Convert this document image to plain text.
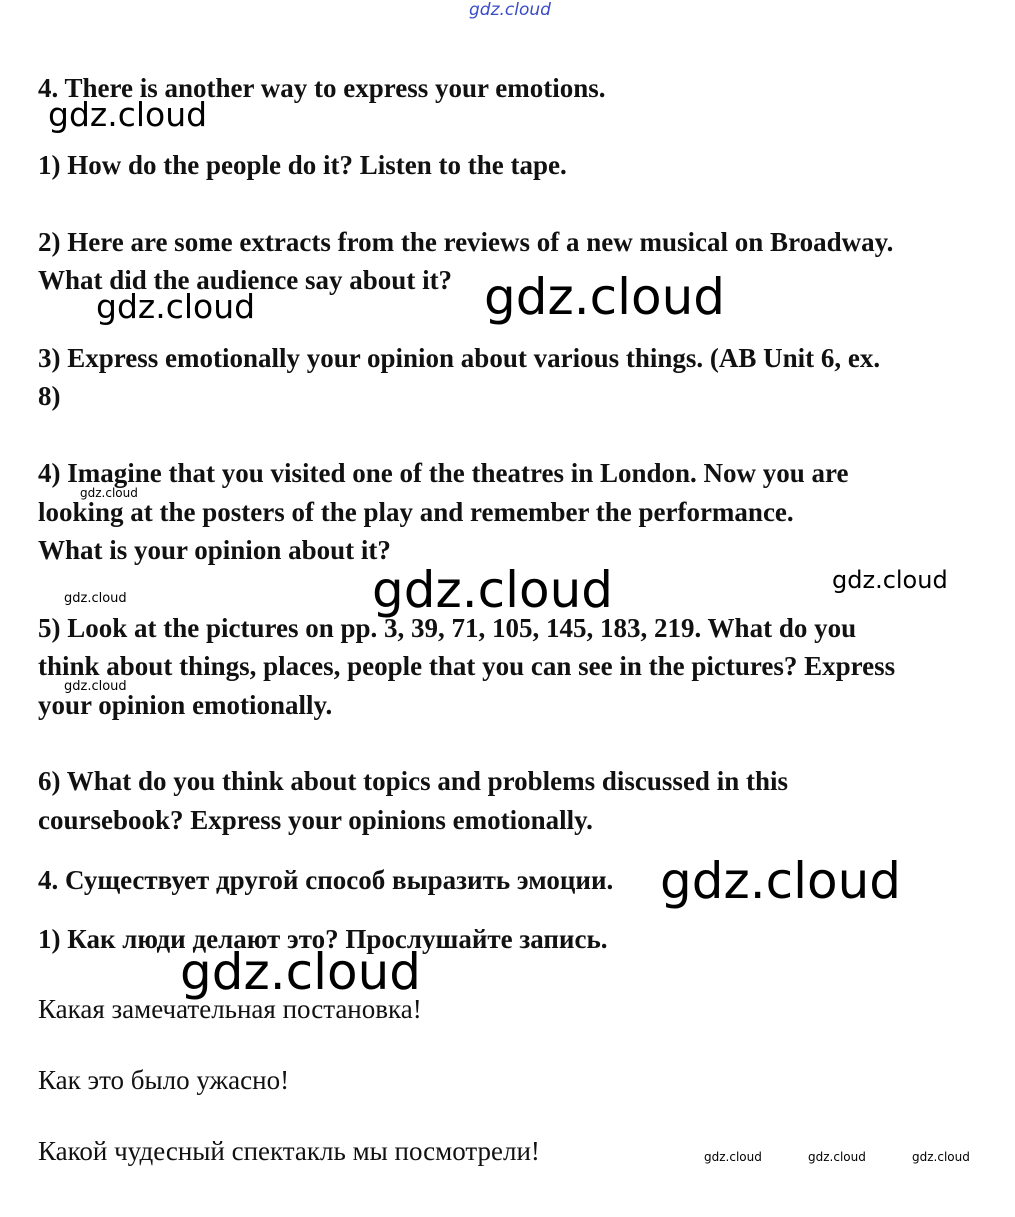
gdz.cloud
gdz.cloud
gdz.cloud	gdz.cloud
gdz.cloud
gdz.cloud	gdz.cloud
gdz.cloud
gdz.cloud
gdz.cloud
gdz.cloud
gdz.cloud	gdz.cloud	gdz.cloud

4. There is another way to express your emotions.

1) How do the people do it? Listen to the tape.

2) Here are some extracts from the reviews of a new musical on Broadway.

What did the audience say about it?

3) Express emotionally your opinion about various things. (AB Unit 6, ex.

8)

4) Imagine that you visited one of the theatres in London. Now you are

looking at the posters of the play and remember the performance.

What is your opinion about it?

5) Look at the pictures on pp. 3, 39, 71, 105, 145, 183, 219. What do you

think about things, places, people that you can see in the pictures? Express

your opinion emotionally.

6) What do you think about topics and problems discussed in this

coursebook? Express your opinions emotionally.

4. Существует другой способ выразить эмоции.

1) Как люди делают это? Прослушайте запись.

Какая замечательная постановка!

Как это было ужасно!

Какой чудесный спектакль мы посмотрели!
